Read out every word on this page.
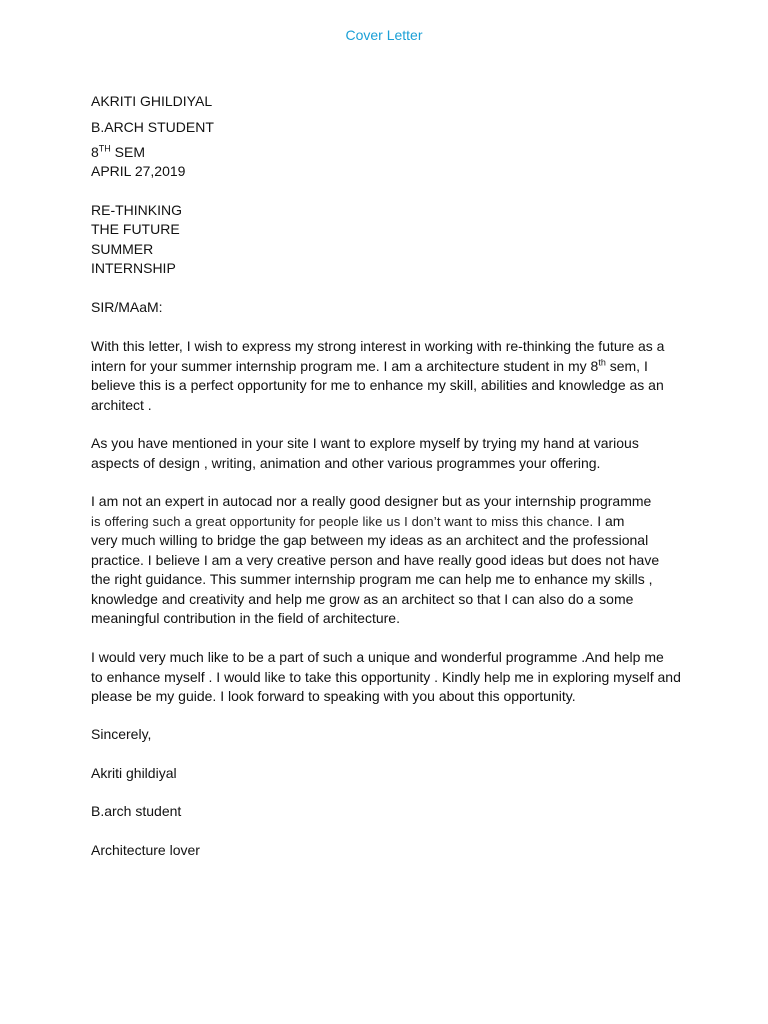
Cover Letter
AKRITI GHILDIYAL
B.ARCH STUDENT
8TH SEM
APRIL 27,2019
RE-THINKING
THE FUTURE
SUMMER
INTERNSHIP
SIR/MAaM:
With this letter, I wish to express my strong interest in working with re-thinking the future as a
intern for your summer internship program me. I am a architecture student in my 8th sem, I
believe this is a perfect opportunity for me to enhance my skill, abilities and knowledge as an
architect .
As you have mentioned in your site I want to explore myself by trying my hand at various
aspects of design , writing, animation and other various programmes your offering.
I am not an expert in autocad nor a really good designer but as your internship programme
is offering such a great opportunity for people like us I don’t want to miss this chance. I am
very much willing to bridge the gap between my ideas as an architect and the professional
practice. I believe I am a very creative person and have really good ideas but does not have
the right guidance. This summer internship program me can help me to enhance my skills ,
knowledge and creativity and help me grow as an architect so that I can also do a some
meaningful contribution in the field of architecture.
I would very much like to be a part of such a unique and wonderful programme .And help me
to enhance myself . I would like to take this opportunity . Kindly help me in exploring myself and
please be my guide. I look forward to speaking with you about this opportunity.
Sincerely,
Akriti ghildiyal
B.arch student
Architecture lover
